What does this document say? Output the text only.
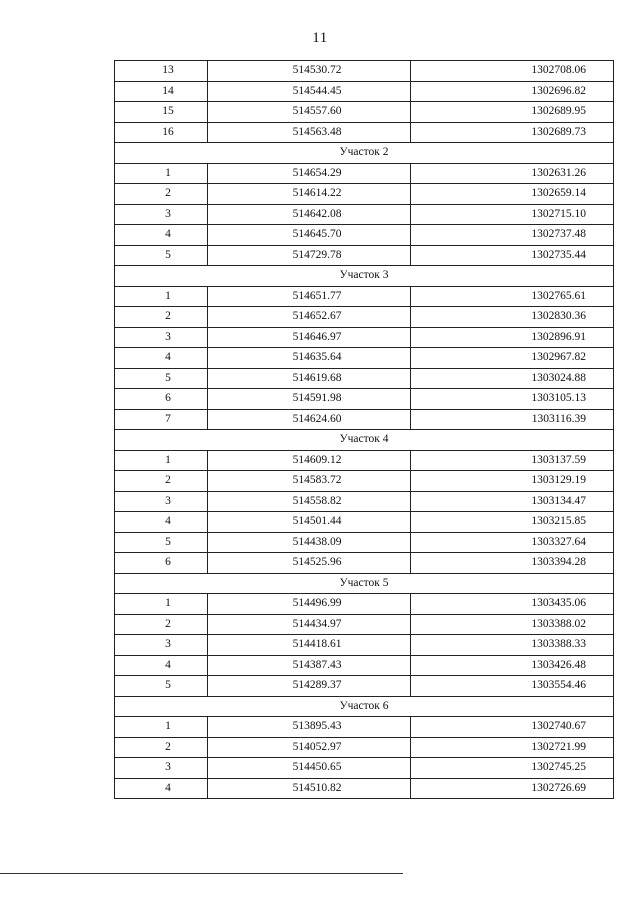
11
13	514530.72	1302708.06
14	514544.45	1302696.82
15	514557.60	1302689.95
16	514563.48	1302689.73
Участок 2		
1	514654.29	1302631.26
2	514614.22	1302659.14
3	514642.08	1302715.10
4	514645.70	1302737.48
5	514729.78	1302735.44
Участок 3		
1	514651.77	1302765.61
2	514652.67	1302830.36
3	514646.97	1302896.91
4	514635.64	1302967.82
5	514619.68	1303024.88
6	514591.98	1303105.13
7	514624.60	1303116.39
Участок 4		
1	514609.12	1303137.59
2	514583.72	1303129.19
3	514558.82	1303134.47
4	514501.44	1303215.85
5	514438.09	1303327.64
6	514525.96	1303394.28
Участок 5		
1	514496.99	1303435.06
2	514434.97	1303388.02
3	514418.61	1303388.33
4	514387.43	1303426.48
5	514289.37	1303554.46
Участок 6		
1	513895.43	1302740.67
2	514052.97	1302721.99
3	514450.65	1302745.25
4	514510.82	1302726.69
